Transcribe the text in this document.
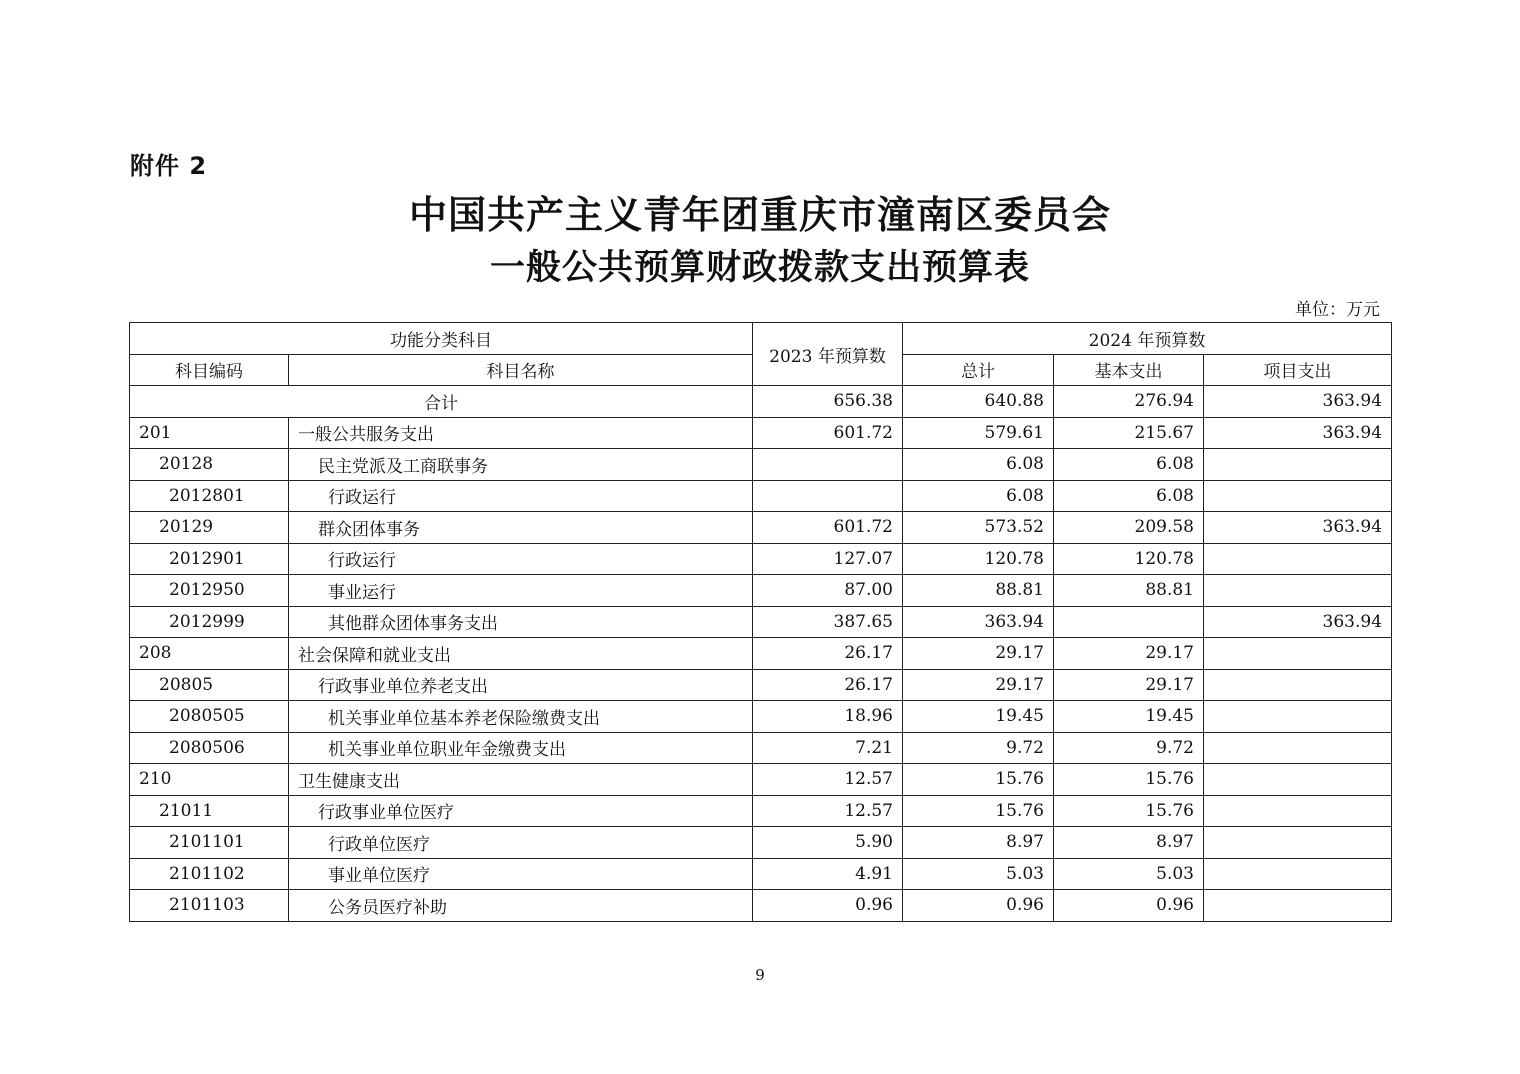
附件 2
中国共产主义青年团重庆市潼南区委员会
一般公共预算财政拨款支出预算表
单位：万元
功能分类科目		2023 年预算数	2024 年预算数		
科目编码	科目名称		总计	基本支出	项目支出
合计		656.38	640.88	276.94	363.94
201	一般公共服务支出	601.72	579.61	215.67	363.94
20128	民主党派及工商联事务		6.08	6.08	
2012801	行政运行		6.08	6.08	
20129	群众团体事务	601.72	573.52	209.58	363.94
2012901	行政运行	127.07	120.78	120.78	
2012950	事业运行	87.00	88.81	88.81	
2012999	其他群众团体事务支出	387.65	363.94		363.94
208	社会保障和就业支出	26.17	29.17	29.17	
20805	行政事业单位养老支出	26.17	29.17	29.17	
2080505	机关事业单位基本养老保险缴费支出	18.96	19.45	19.45	
2080506	机关事业单位职业年金缴费支出	7.21	9.72	9.72	
210	卫生健康支出	12.57	15.76	15.76	
21011	行政事业单位医疗	12.57	15.76	15.76	
2101101	行政单位医疗	5.90	8.97	8.97	
2101102	事业单位医疗	4.91	5.03	5.03	
2101103	公务员医疗补助	0.96	0.96	0.96	
9
